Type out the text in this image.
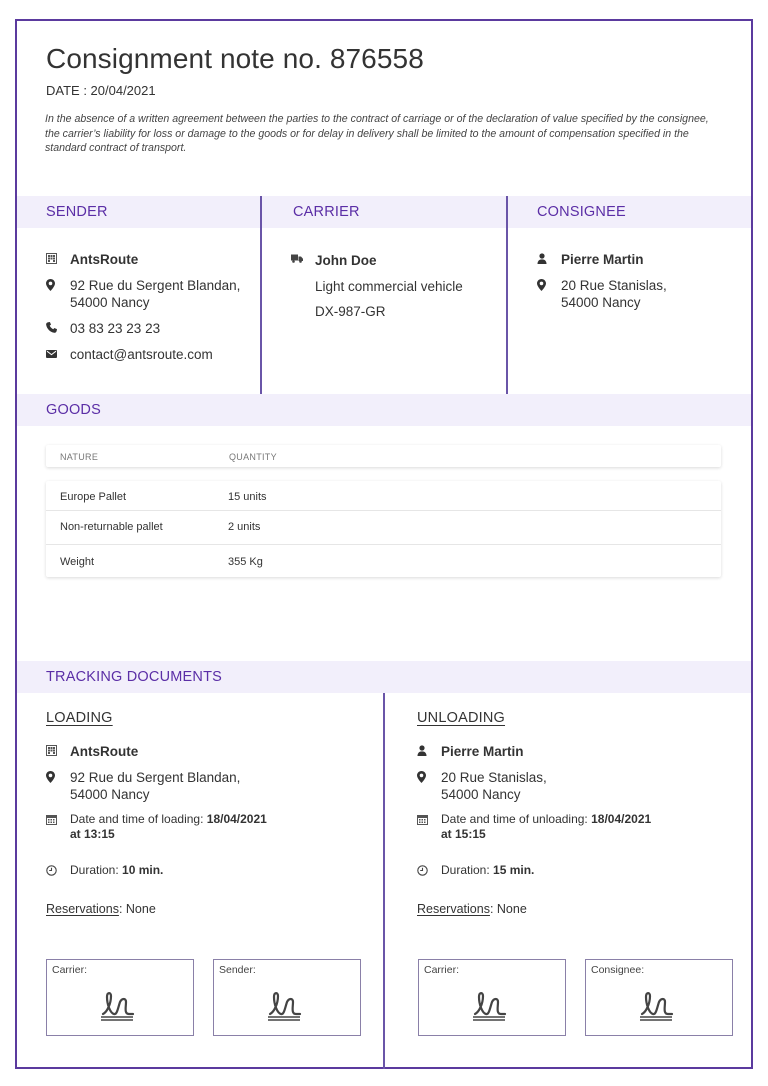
Consignment note no. 876558
DATE : 20/04/2021
In the absence of a written agreement between the parties to the contract of carriage or of the declaration of value specified by the consignee, the carrier’s liability for loss or damage to the goods or for delay in delivery shall be limited to the amount of compensation specified in the standard contract of transport.
SENDER	CARRIER	CONSIGNEE
AntsRoute
92 Rue du Sergent Blandan,
54000 Nancy
03 83 23 23 23
contact@antsroute.com
John Doe
Light commercial vehicle
DX-987-GR
Pierre Martin
20 Rue Stanislas,
54000 Nancy
GOODS
NATURE	QUANTITY
Europe Pallet	15 units
Non-returnable pallet	2 units
Weight	355 Kg
TRACKING DOCUMENTS
LOADING
AntsRoute
92 Rue du Sergent Blandan,
54000 Nancy
Date and time of loading: 18/04/2021
at 13:15
Duration: 10 min.
Reservations: None
Carrier:	Sender:
UNLOADING
Pierre Martin
20 Rue Stanislas,
54000 Nancy
Date and time of unloading: 18/04/2021
at 15:15
Duration: 15 min.
Reservations: None
Carrier:	Consignee:
